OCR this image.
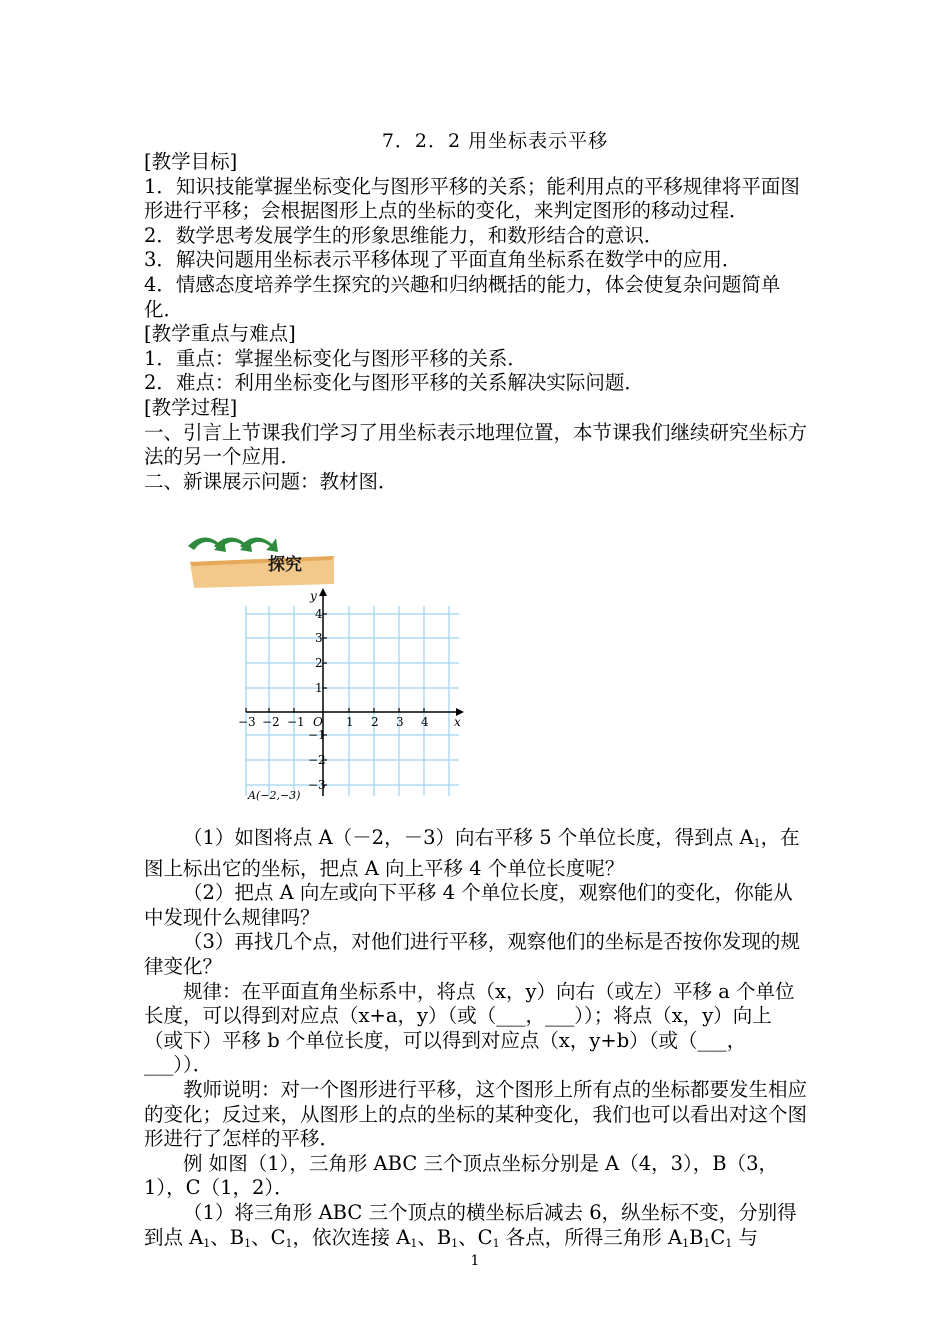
7．2．2 用坐标表示平移

[教学目标]

1．知识技能掌握坐标变化与图形平移的关系；能利用点的平移规律将平面图形进行平移；会根据图形上点的坐标的变化，来判定图形的移动过程．

2．数学思考发展学生的形象思维能力，和数形结合的意识．

3．解决问题用坐标表示平移体现了平面直角坐标系在数学中的应用．

4．情感态度培养学生探究的兴趣和归纳概括的能力，体会使复杂问题简单化．

[教学重点与难点]

1．重点：掌握坐标变化与图形平移的关系．

2．难点：利用坐标变化与图形平移的关系解决实际问题．

[教学过程]

一、引言上节课我们学习了用坐标表示地理位置，本节课我们继续研究坐标方法的另一个应用．

二、新课展示问题：教材图．

探究
y
x
O
−3 −2 −1	1 2 3 4
4
3
2
1
−1
−2
−3
A(−2,−3)

（1）如图将点 A（－2，－3）向右平移 5 个单位长度，得到点 $A_1$，在图上标出它的坐标，把点 A 向上平移 4 个单位长度呢？

（2）把点 A 向左或向下平移 4 个单位长度，观察他们的变化，你能从中发现什么规律吗？

（3）再找几个点，对他们进行平移，观察他们的坐标是否按你发现的规律变化？

规律：在平面直角坐标系中，将点（x，y）向右（或左）平移 a 个单位长度，可以得到对应点（x+a，y）（或（___，___））；将点（x，y）向上（或下）平移 b 个单位长度，可以得到对应点（x，y+b）（或（___，___））．

教师说明：对一个图形进行平移，这个图形上所有点的坐标都要发生相应的变化；反过来，从图形上的点的坐标的某种变化，我们也可以看出对这个图形进行了怎样的平移．

例 如图（1），三角形 ABC 三个顶点坐标分别是 A（4，3），B（3，1），C（1，2）．

（1）将三角形 ABC 三个顶点的横坐标后减去 6，纵坐标不变，分别得到点 $A_1$、$B_1$、$C_1$，依次连接 $A_1$、$B_1$、$C_1$ 各点，所得三角形 $A_1B_1C_1$ 与

1
